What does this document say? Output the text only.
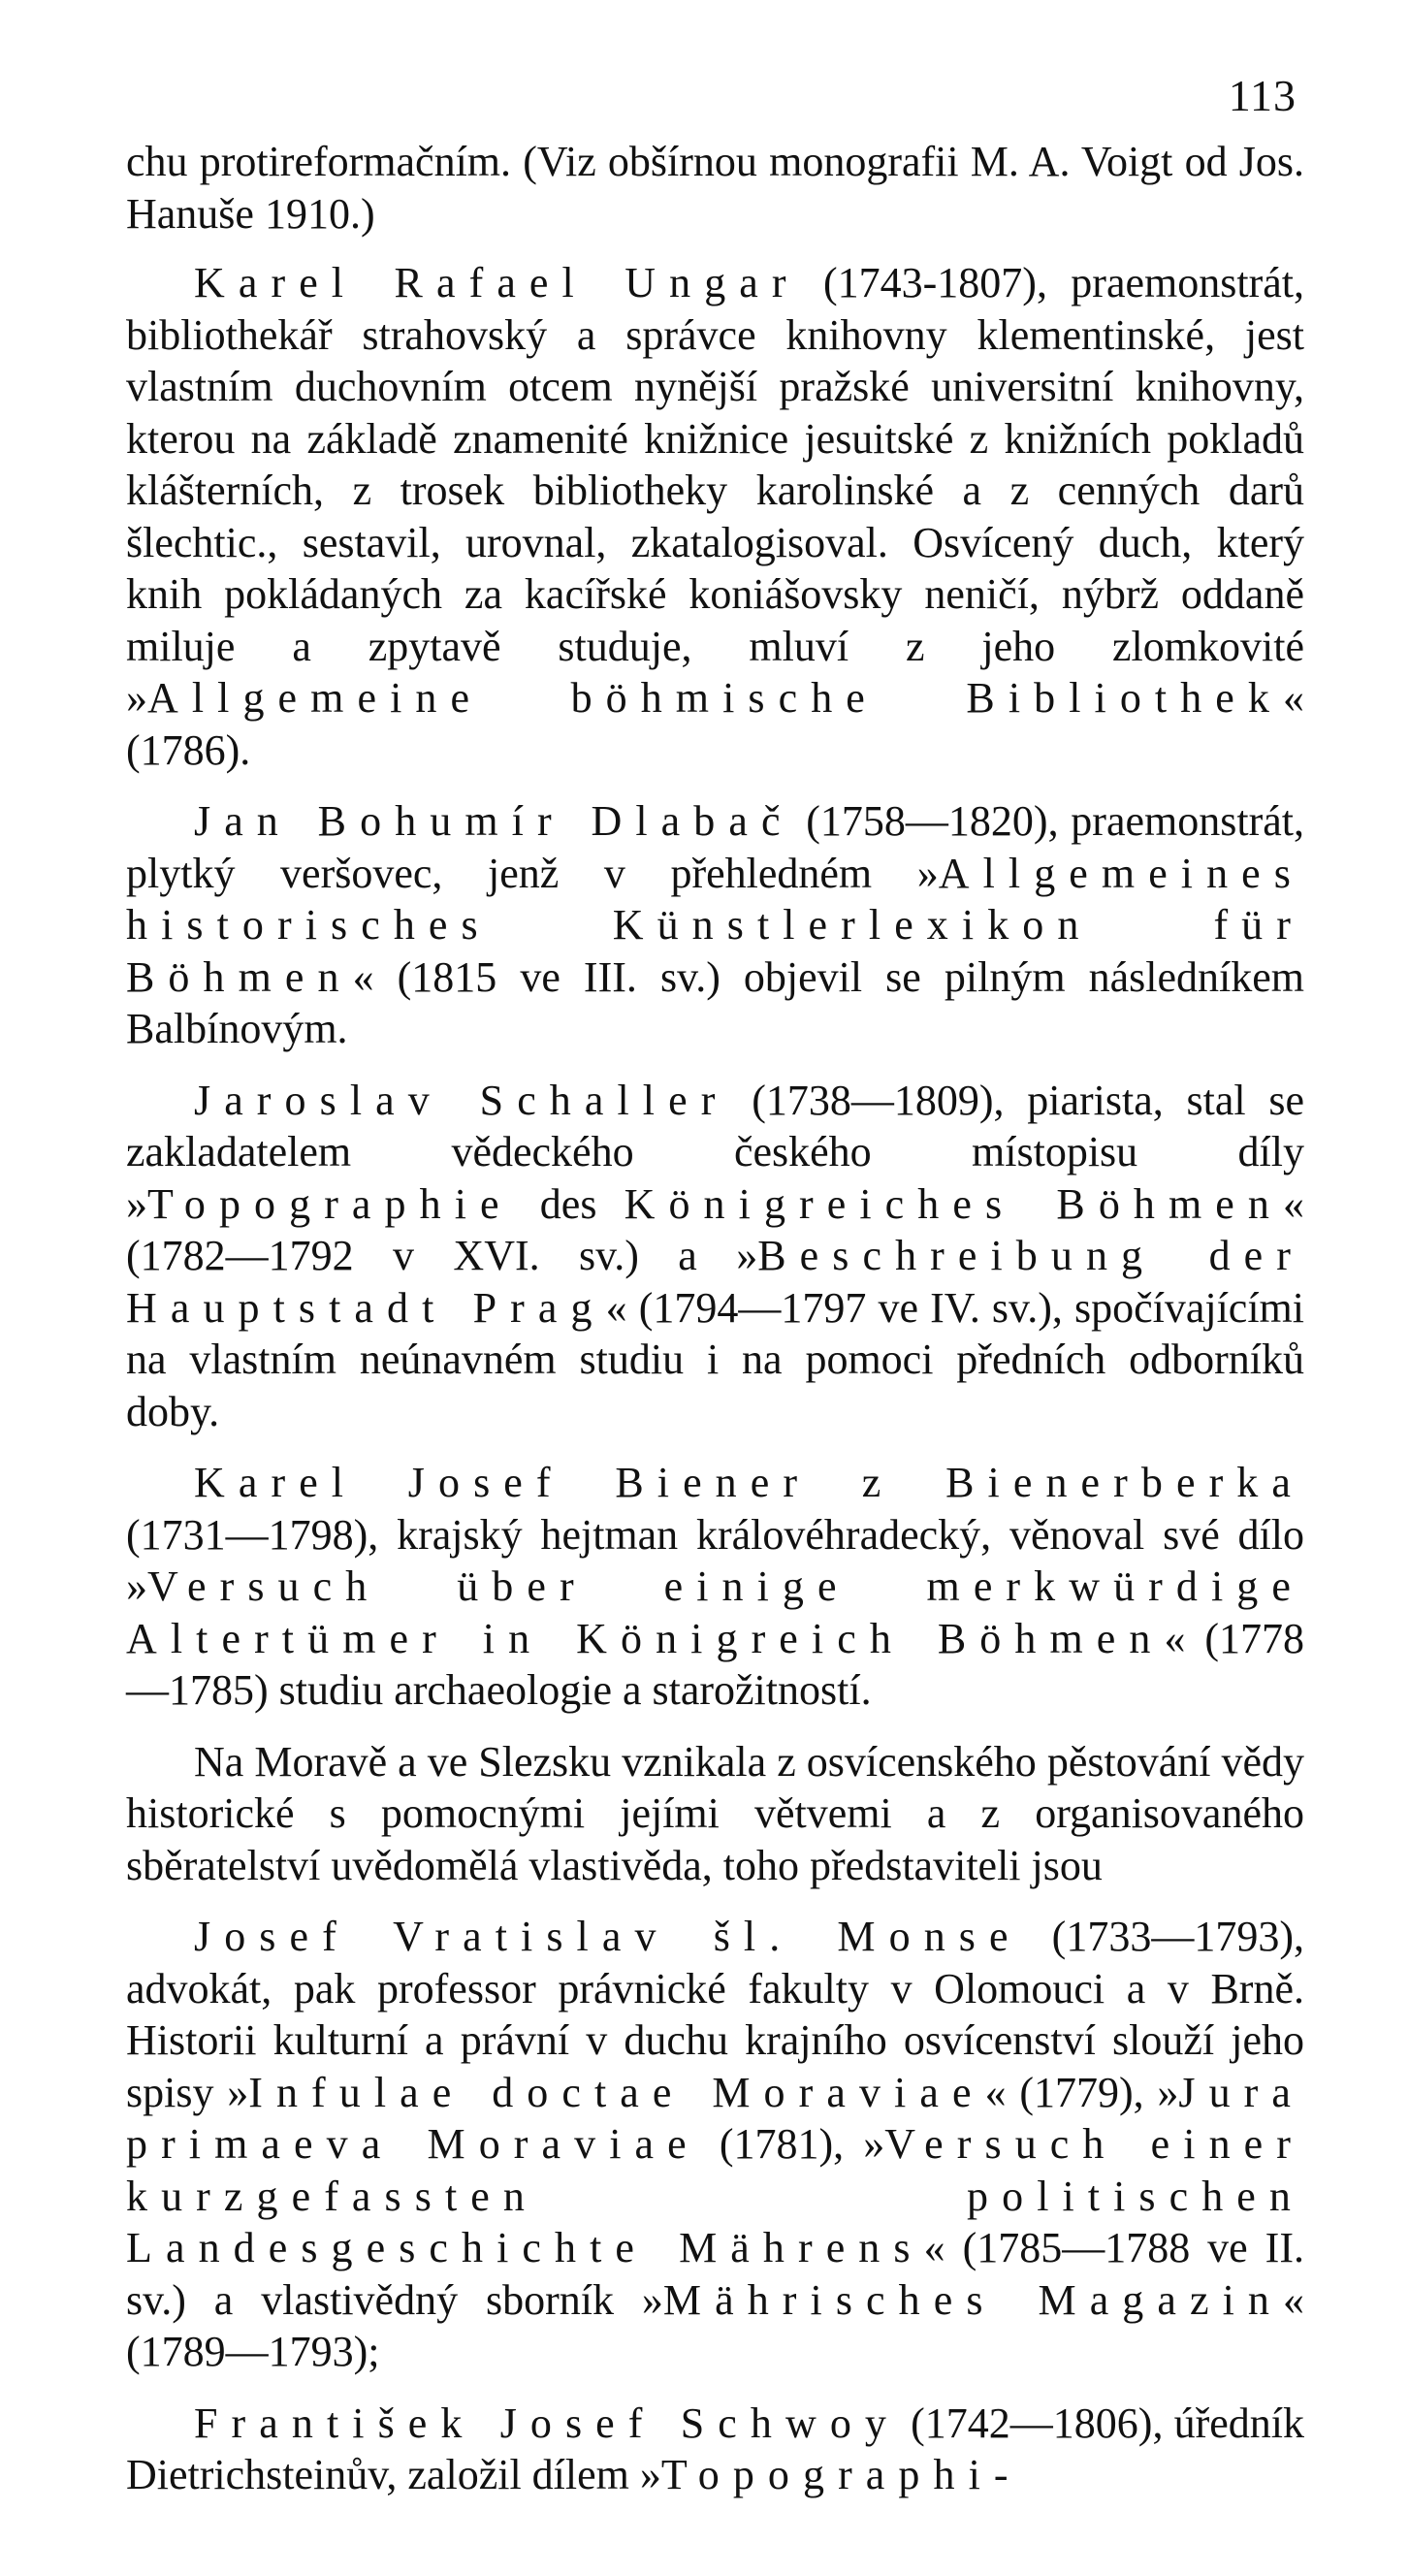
113

chu protireformačním. (Viz obšírnou monografii M. A. Voigt od Jos. Hanuše 1910.)

Karel Rafael Ungar (1743-1807), praemonstrát, bibliothekář strahovský a správce knihovny klementinské, jest vlastním duchovním otcem nynější pražské universitní knihovny, kterou na základě znamenité knižnice jesuitské z knižních pokladů klášterních, z trosek bibliotheky karolinské a z cenných darů šlechtic., sestavil, urovnal, zkatalogisoval. Osvícený duch, který knih pokládaných za kacířské koniášovsky neničí, nýbrž oddaně miluje a zpytavě studuje, mluví z jeho zlomkovité »Allgemeine böhmische Bibliothek« (1786).

Jan Bohumír Dlabač (1758—1820), praemonstrát, plytký veršovec, jenž v přehledném »Allgemeines historisches Künstlerlexikon für Böhmen« (1815 ve III. sv.) objevil se pilným následníkem Balbínovým.

Jaroslav Schaller (1738—1809), piarista, stal se zakladatelem vědeckého českého místopisu díly »Topographie des Königreiches Böhmen« (1782—1792 v XVI. sv.) a »Beschreibung der Hauptstadt Prag« (1794—1797 ve IV. sv.), spočívajícími na vlastním neúnavném studiu i na pomoci předních odborníků doby.

Karel Josef Biener z Bienerberka (1731—1798), krajský hejtman královéhradecký, věnoval své dílo »Versuch über einige merkwürdige Altertümer in Königreich Böhmen« (1778—1785) studiu archaeologie a starožitností.

Na Moravě a ve Slezsku vznikala z osvícenského pěstování vědy historické s pomocnými jejími větvemi a z organisovaného sběratelství uvědomělá vlastivěda, toho představiteli jsou

Josef Vratislav šl. Monse (1733—1793), advokát, pak professor právnické fakulty v Olomouci a v Brně. Historii kulturní a právní v duchu krajního osvícenství slouží jeho spisy »Infulae doctae Moraviae« (1779), »Jura primaeva Moraviae (1781), »Versuch einer kurzgefassten politischen Landesgeschichte Mährens« (1785—1788 ve II. sv.) a vlastivědný sborník »Mährisches Magazin« (1789—1793);

František Josef Schwoy (1742—1806), úředník Dietrichsteinův, založil dílem »Topographi-
